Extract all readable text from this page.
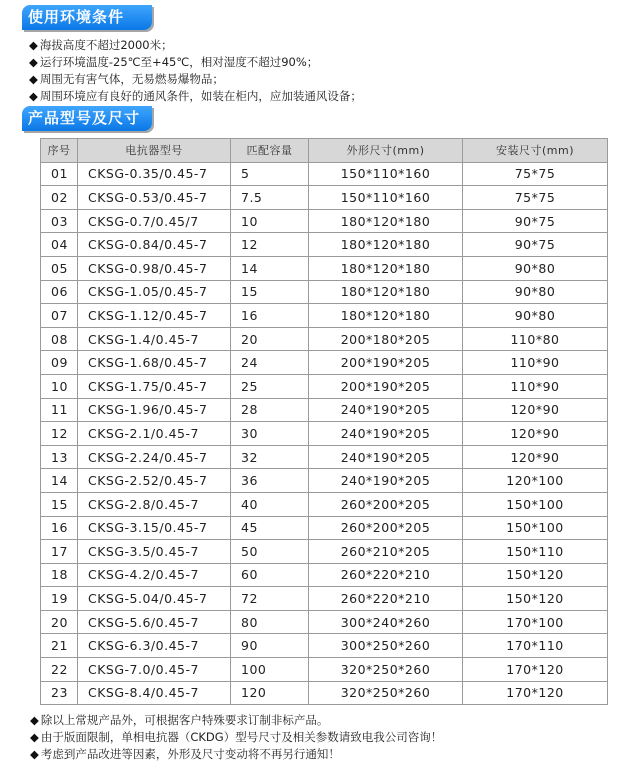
使用环境条件
◆ 海拔高度不超过2000米；
◆ 运行环境温度-25℃至+45℃，相对湿度不超过90%；
◆ 周围无有害气体，无易燃易爆物品；
◆ 周围环境应有良好的通风条件，如装在柜内，应加装通风设备；
产品型号及尺寸
序号	电抗器型号	匹配容量	外形尺寸(mm)	安装尺寸(mm)
01	CKSG-0.35/0.45-7	5	150*110*160	75*75
02	CKSG-0.53/0.45-7	7.5	150*110*160	75*75
03	CKSG-0.7/0.45/7	10	180*120*180	90*75
04	CKSG-0.84/0.45-7	12	180*120*180	90*75
05	CKSG-0.98/0.45-7	14	180*120*180	90*80
06	CKSG-1.05/0.45-7	15	180*120*180	90*80
07	CKSG-1.12/0.45-7	16	180*120*180	90*80
08	CKSG-1.4/0.45-7	20	200*180*205	110*80
09	CKSG-1.68/0.45-7	24	200*190*205	110*90
10	CKSG-1.75/0.45-7	25	200*190*205	110*90
11	CKSG-1.96/0.45-7	28	240*190*205	120*90
12	CKSG-2.1/0.45-7	30	240*190*205	120*90
13	CKSG-2.24/0.45-7	32	240*190*205	120*90
14	CKSG-2.52/0.45-7	36	240*190*205	120*100
15	CKSG-2.8/0.45-7	40	260*200*205	150*100
16	CKSG-3.15/0.45-7	45	260*200*205	150*100
17	CKSG-3.5/0.45-7	50	260*210*205	150*110
18	CKSG-4.2/0.45-7	60	260*220*210	150*120
19	CKSG-5.04/0.45-7	72	260*220*210	150*120
20	CKSG-5.6/0.45-7	80	300*240*260	170*100
21	CKSG-6.3/0.45-7	90	300*250*260	170*110
22	CKSG-7.0/0.45-7	100	320*250*260	170*120
23	CKSG-8.4/0.45-7	120	320*250*260	170*120
◆ 除以上常规产品外，可根据客户特殊要求订制非标产品。
◆ 由于版面限制，单相电抗器（CKDG）型号尺寸及相关参数请致电我公司咨询！
◆ 考虑到产品改进等因素，外形及尺寸变动将不再另行通知！
